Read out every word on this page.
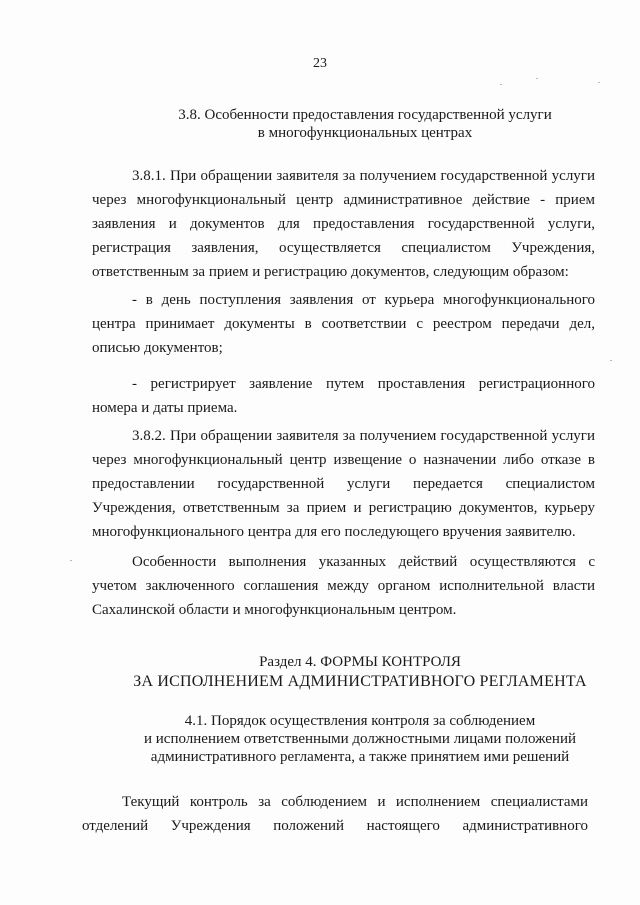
23
3.8. Особенности предоставления государственной услуги
в многофункциональных центрах
3.8.1. При обращении заявителя за получением государственной услуги
через многофункциональный центр административное действие - прием
заявления и документов для предоставления государственной услуги,
регистрация заявления, осуществляется специалистом Учреждения,
ответственным за прием и регистрацию документов, следующим образом:
- в день поступления заявления от курьера многофункционального
центра принимает документы в соответствии с реестром передачи дел,
описью документов;
- регистрирует заявление путем проставления регистрационного
номера и даты приема.
3.8.2. При обращении заявителя за получением государственной услуги
через многофункциональный центр извещение о назначении либо отказе в
предоставлении государственной услуги передается специалистом
Учреждения, ответственным за прием и регистрацию документов, курьеру
многофункционального центра для его последующего вручения заявителю.
Особенности выполнения указанных действий осуществляются с
учетом заключенного соглашения между органом исполнительной власти
Сахалинской области и многофункциональным центром.
Раздел 4. ФОРМЫ КОНТРОЛЯ
ЗА ИСПОЛНЕНИЕМ АДМИНИСТРАТИВНОГО РЕГЛАМЕНТА
4.1. Порядок осуществления контроля за соблюдением
и исполнением ответственными должностными лицами положений
административного регламента, а также принятием ими решений
Текущий контроль за соблюдением и исполнением специалистами
отделений Учреждения положений настоящего административного
